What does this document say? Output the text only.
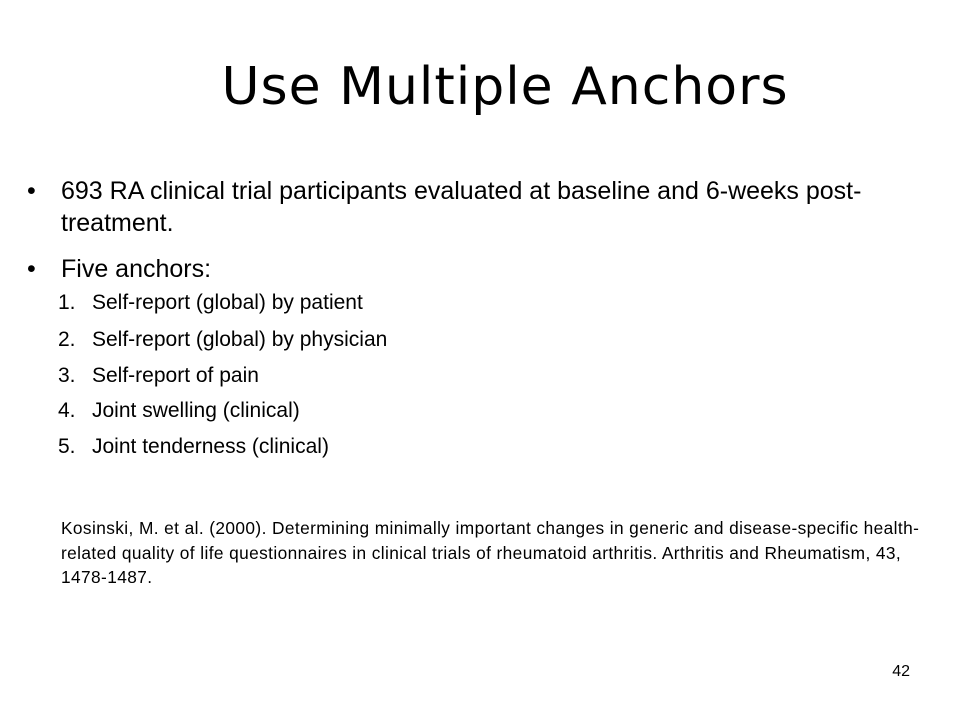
Use Multiple Anchors
•	693 RA clinical trial participants evaluated at baseline and 6-weeks post-treatment.
•	Five anchors:
1. Self-report (global) by patient
2. Self-report (global) by physician
3. Self-report of pain
4. Joint swelling (clinical)
5. Joint tenderness (clinical)
Kosinski, M. et al. (2000). Determining minimally important changes in generic and disease-specific health-related quality of life questionnaires in clinical trials of rheumatoid arthritis. Arthritis and Rheumatism, 43, 1478-1487.
42
